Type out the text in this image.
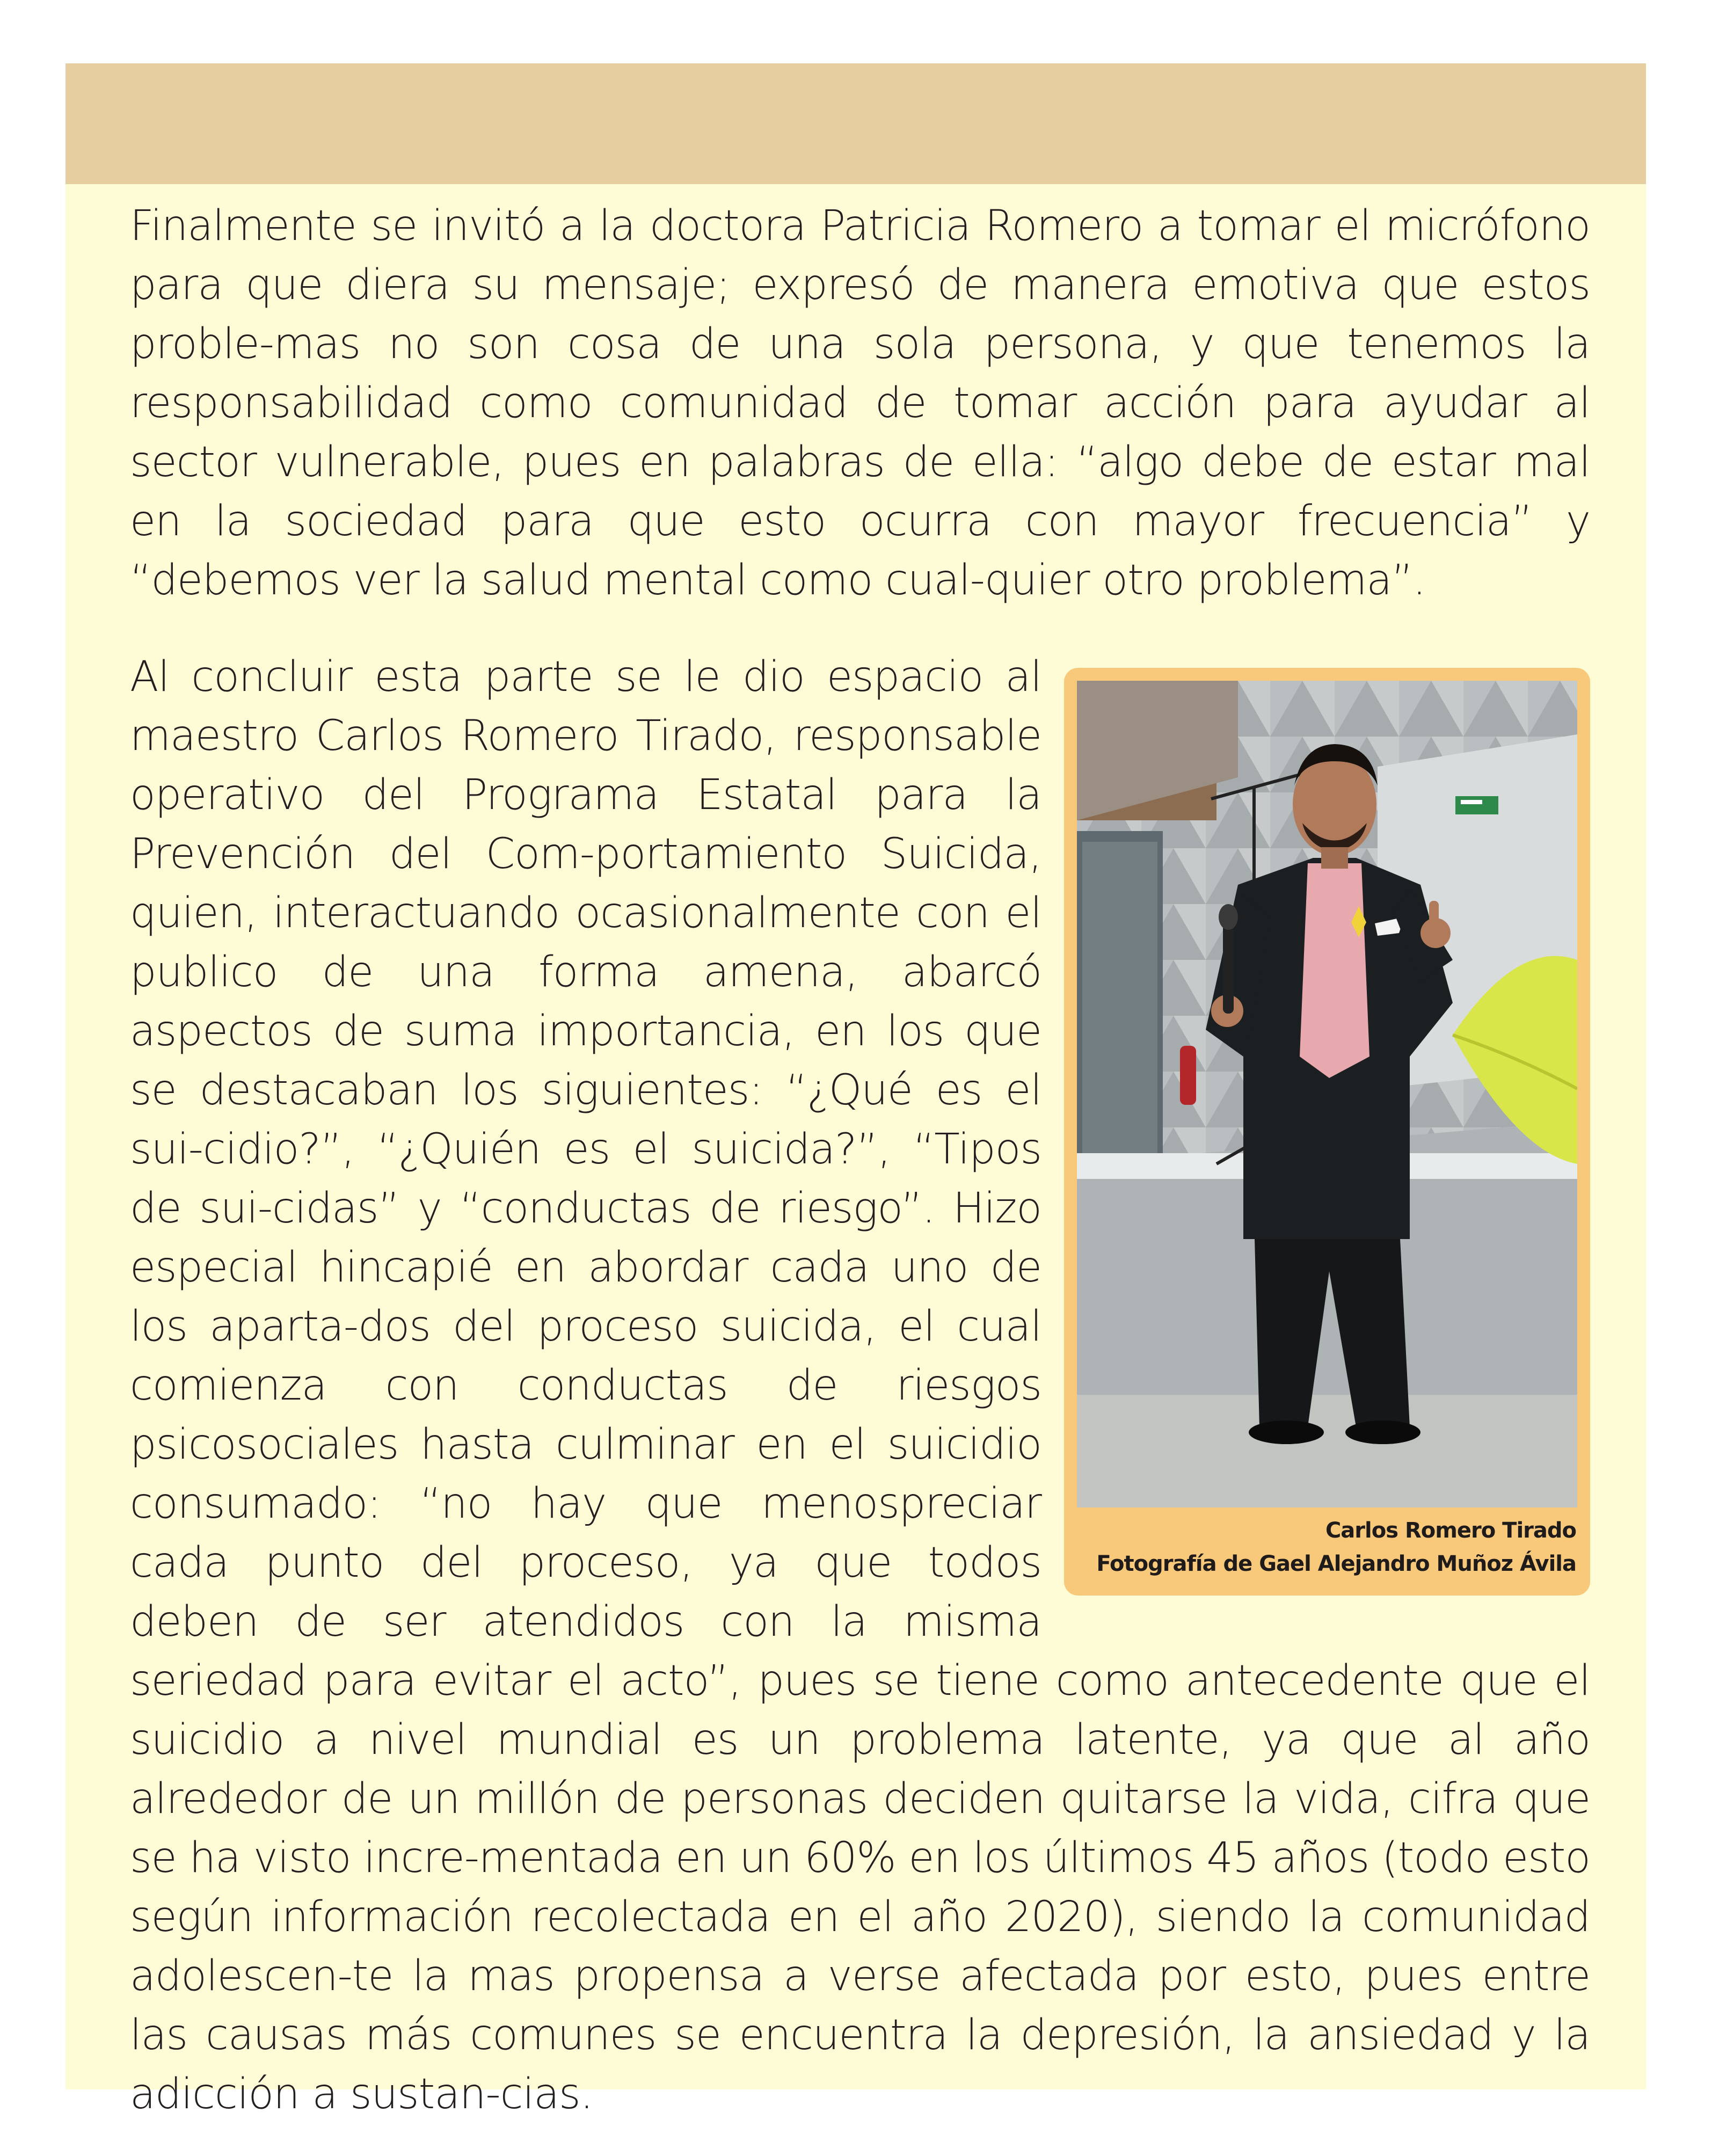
Finalmente se invitó a la doctora Patricia Romero a tomar el micrófono para que diera su mensaje; expresó de manera emotiva que estos proble-mas no son cosa de una sola persona, y que tenemos la responsabilidad como comunidad de tomar acción para ayudar al sector vulnerable, pues en palabras de ella: “algo debe de estar mal en la sociedad para que esto ocurra con mayor frecuencia” y “debemos ver la salud mental como cual-quier otro problema”.

Carlos Romero Tirado
Fotografía de Gael Alejandro Muñoz Ávila
Al concluir esta parte se le dio espacio al maestro Carlos Romero Tirado, responsable operativo del Programa Estatal para la Prevención del Com-portamiento Suicida, quien, interactuando ocasionalmente con el publico de una forma amena, abarcó aspectos de suma importancia, en los que se destacaban los siguientes: “¿Qué es el sui-cidio?”, “¿Quién es el suicida?”, “Tipos de sui-cidas” y “conductas de riesgo”. Hizo especial hincapié en abordar cada uno de los aparta-dos del proceso suicida, el cual comienza con conductas de riesgos psicosociales hasta culminar en el suicidio consumado: “no hay que menospreciar cada punto del proceso, ya que todos deben de ser atendidos con la misma seriedad para evitar el acto”, pues se tiene como antecedente que el suicidio a nivel mundial es un problema latente, ya que al año alrededor de un millón de personas deciden quitarse la vida, cifra que se ha visto incre-mentada en un 60% en los últimos 45 años (todo esto según información recolectada en el año 2020), siendo la comunidad adolescen-te la mas propensa a verse afectada por esto, pues entre las causas más comunes se encuentra la depresión, la ansiedad y la adicción a sustan-cias.
